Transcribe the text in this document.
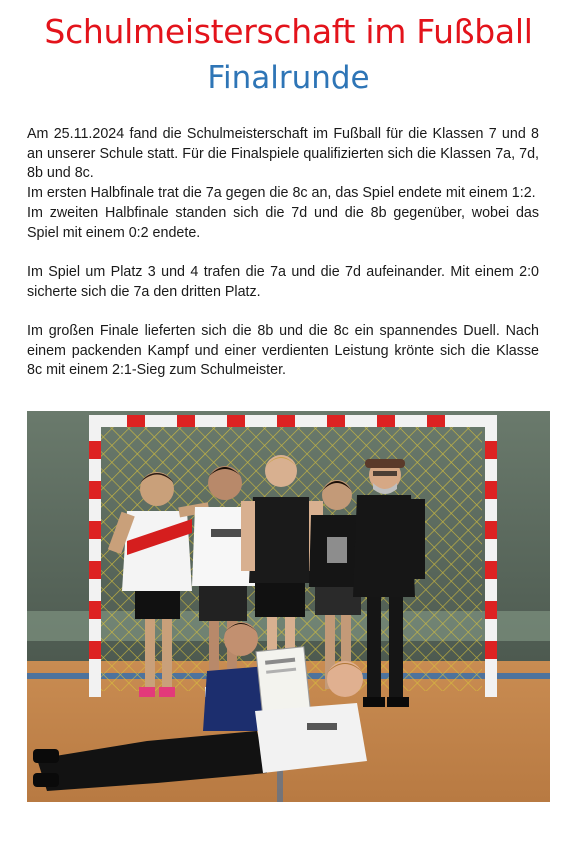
Schulmeisterschaft im Fußball
Finalrunde
Am 25.11.2024 fand die Schulmeisterschaft im Fußball für die Klassen 7 und 8 an unserer Schule statt. Für die Finalspiele qualifizierten sich die Klassen 7a, 7d, 8b und 8c.
Im ersten Halbfinale trat die 7a gegen die 8c an, das Spiel endete mit einem 1:2.

Im zweiten Halbfinale standen sich die 7d und die 8b gegenüber, wobei das Spiel mit einem 0:2 endete.

Im Spiel um Platz 3 und 4 trafen die 7a und die 7d aufeinander. Mit einem 2:0 sicherte sich die 7a den dritten Platz.

Im großen Finale lieferten sich die 8b und die 8c ein spannendes Duell. Nach einem packenden Kampf und einer verdienten Leistung krönte sich die Klasse 8c mit einem 2:1-Sieg zum Schulmeister.
